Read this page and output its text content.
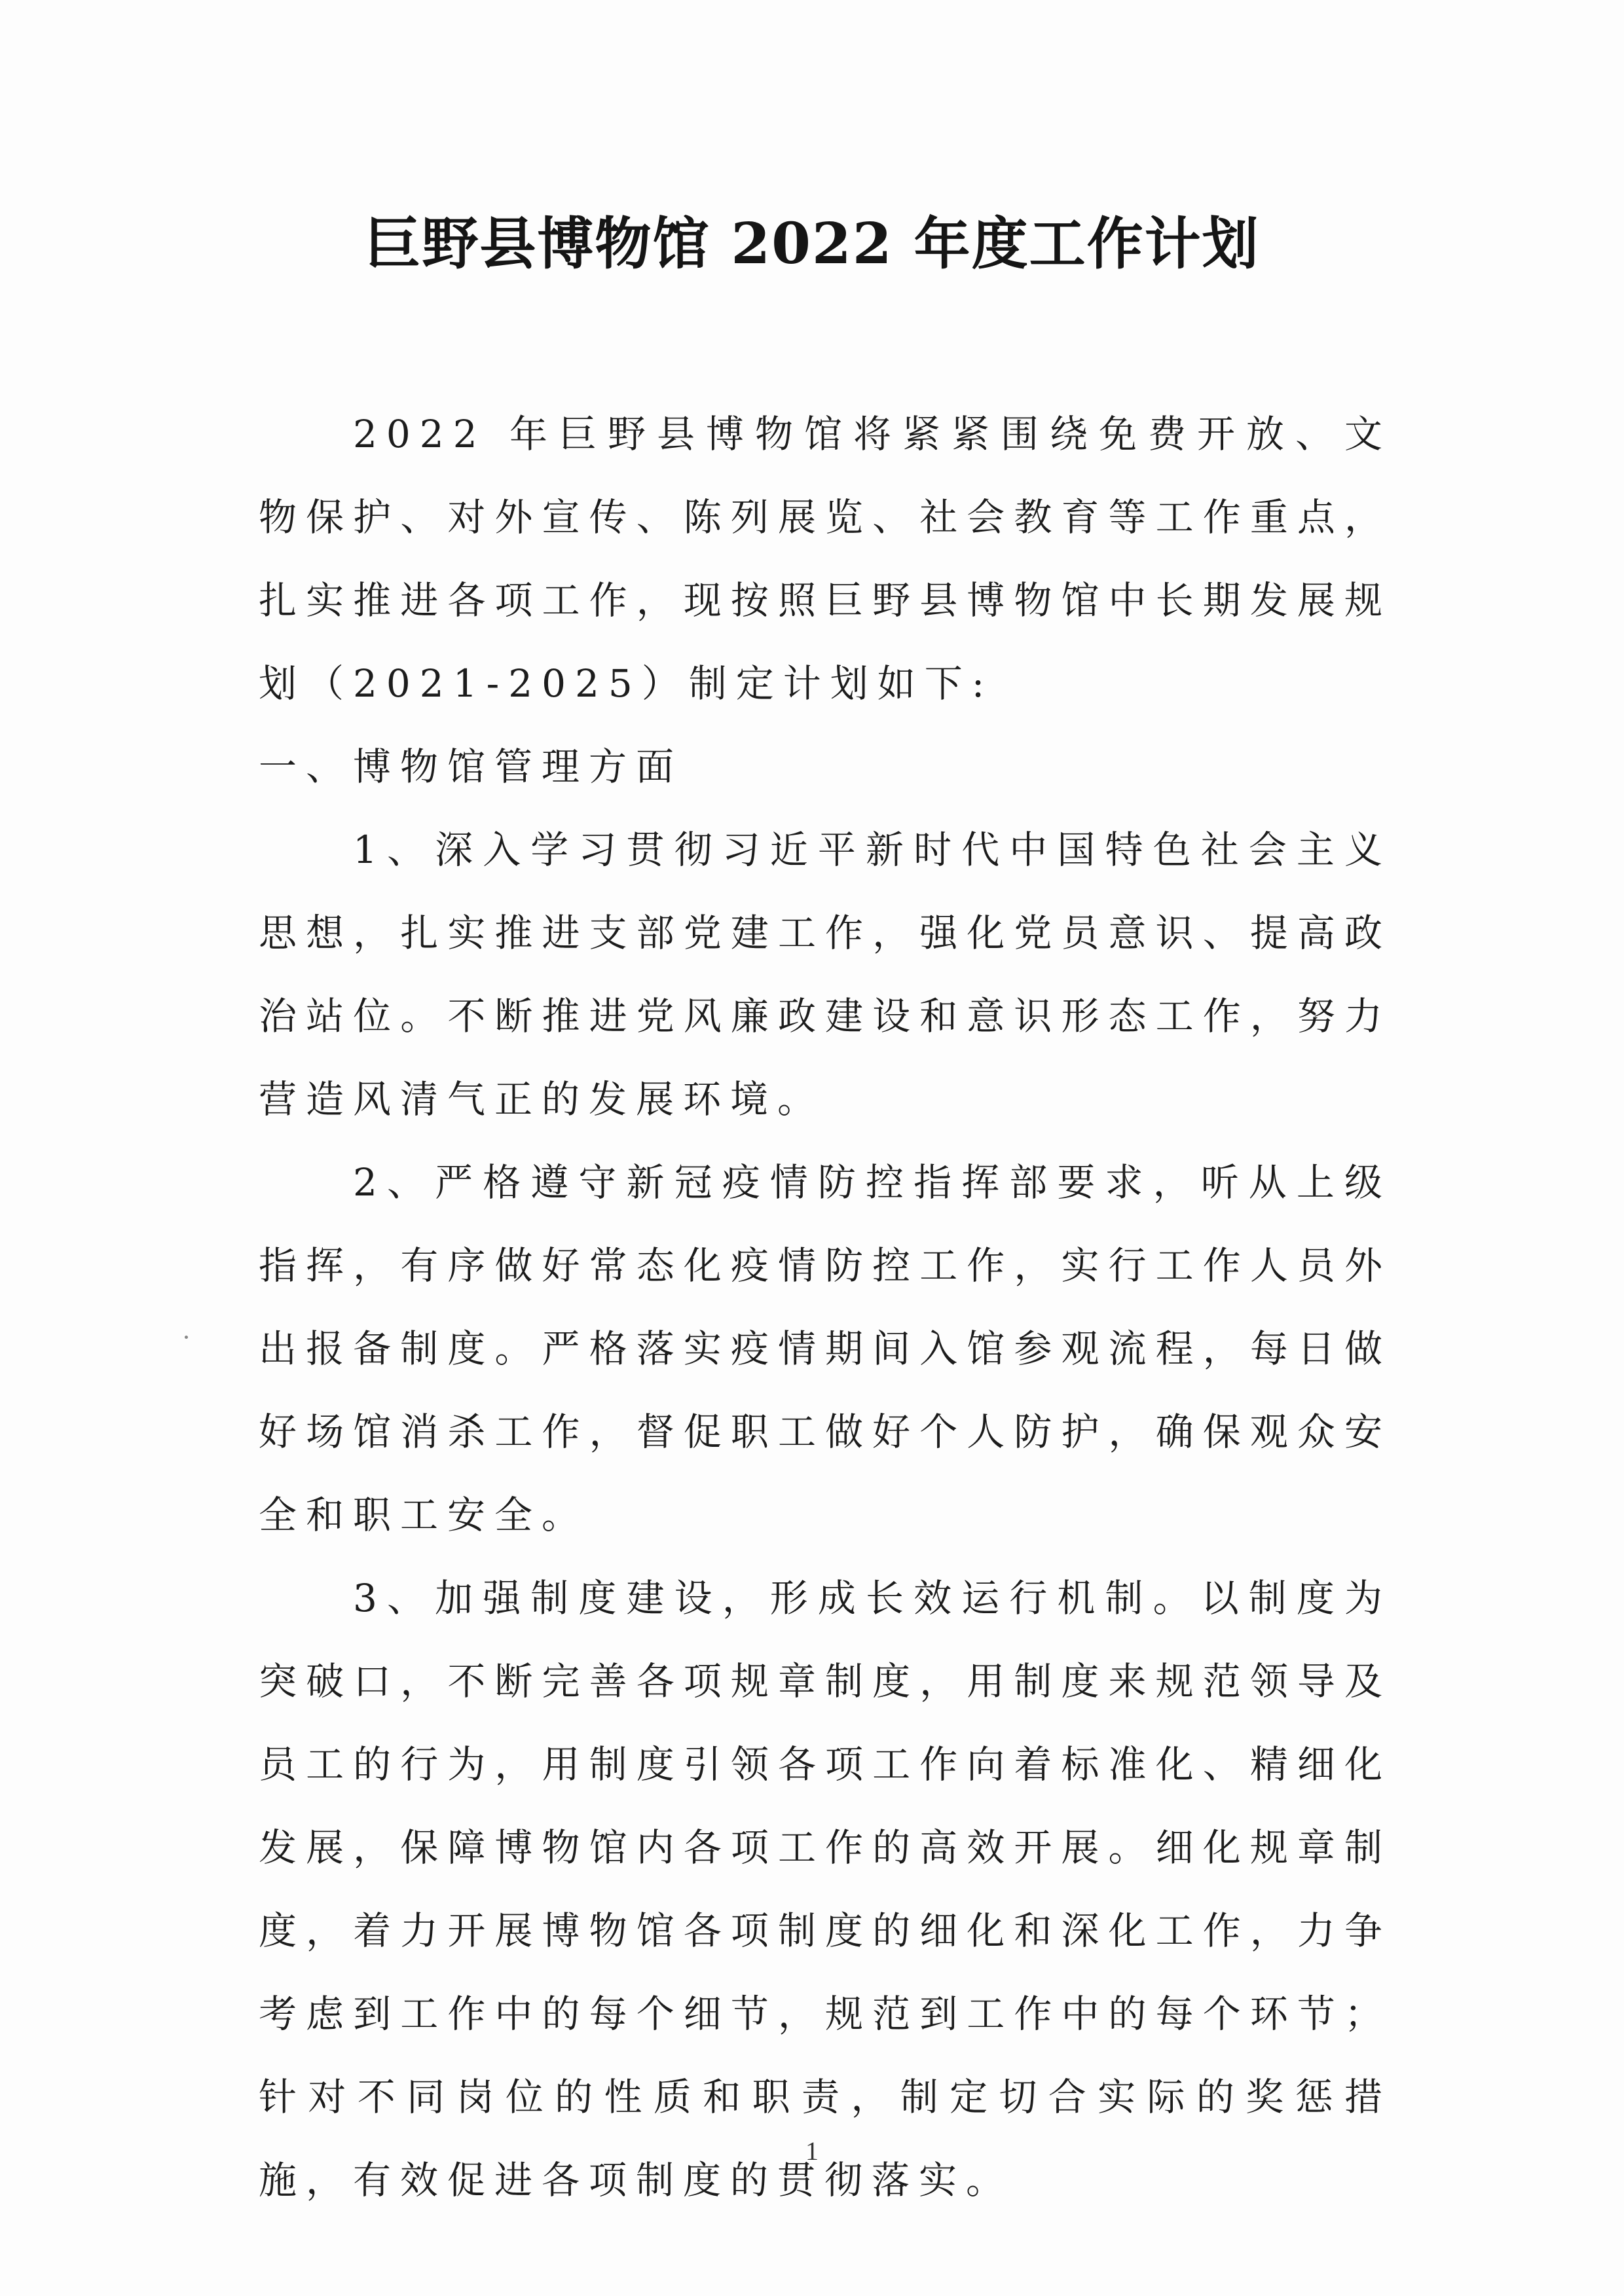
巨野县博物馆 2022 年度工作计划

2022 年巨野县博物馆将紧紧围绕免费开放、文物保护、对外宣传、陈列展览、社会教育等工作重点，扎实推进各项工作，现按照巨野县博物馆中长期发展规划（2021-2025）制定计划如下:

一、博物馆管理方面

1、深入学习贯彻习近平新时代中国特色社会主义思想，扎实推进支部党建工作，强化党员意识、提高政治站位。不断推进党风廉政建设和意识形态工作，努力营造风清气正的发展环境。

2、严格遵守新冠疫情防控指挥部要求，听从上级指挥，有序做好常态化疫情防控工作，实行工作人员外出报备制度。严格落实疫情期间入馆参观流程，每日做好场馆消杀工作，督促职工做好个人防护，确保观众安全和职工安全。

3、加强制度建设，形成长效运行机制。以制度为突破口，不断完善各项规章制度，用制度来规范领导及员工的行为，用制度引领各项工作向着标准化、精细化发展，保障博物馆内各项工作的高效开展。细化规章制度，着力开展博物馆各项制度的细化和深化工作，力争考虑到工作中的每个细节，规范到工作中的每个环节；针对不同岗位的性质和职责，制定切合实际的奖惩措施，有效促进各项制度的贯彻落实。

1
